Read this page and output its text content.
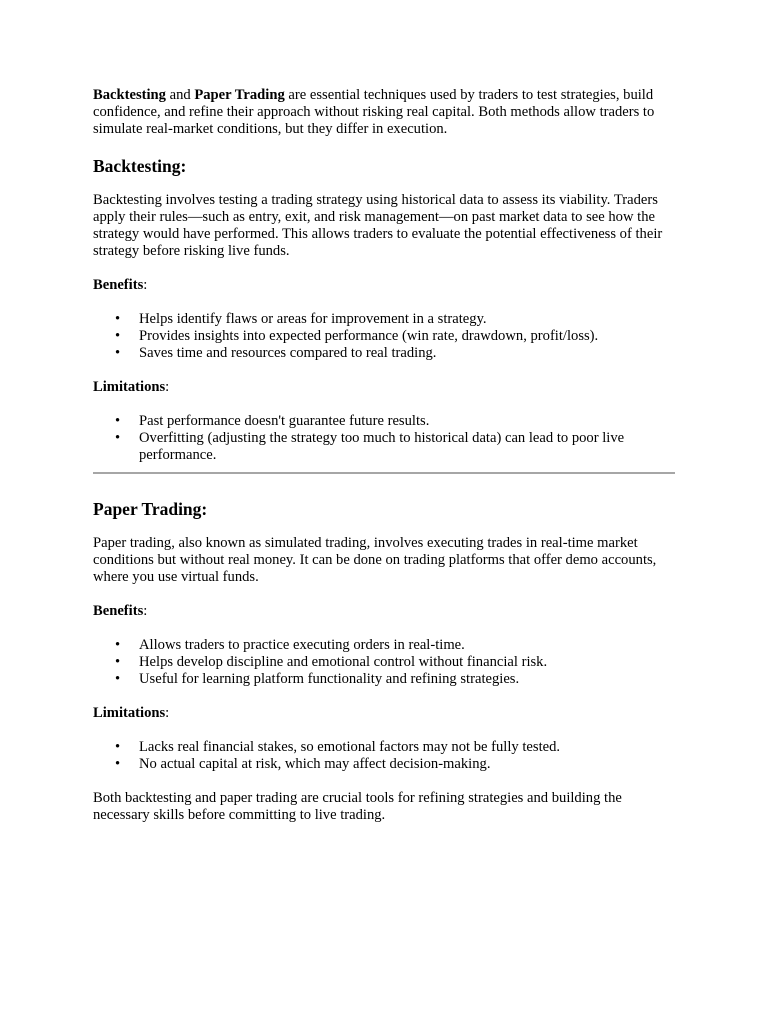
Backtesting and Paper Trading are essential techniques used by traders to test strategies, build confidence, and refine their approach without risking real capital. Both methods allow traders to simulate real-market conditions, but they differ in execution.

Backtesting:

Backtesting involves testing a trading strategy using historical data to assess its viability. Traders apply their rules—such as entry, exit, and risk management—on past market data to see how the strategy would have performed. This allows traders to evaluate the potential effectiveness of their strategy before risking live funds.

Benefits:

• Helps identify flaws or areas for improvement in a strategy.
• Provides insights into expected performance (win rate, drawdown, profit/loss).
• Saves time and resources compared to real trading.

Limitations:

• Past performance doesn't guarantee future results.
• Overfitting (adjusting the strategy too much to historical data) can lead to poor live performance.
Paper Trading:

Paper trading, also known as simulated trading, involves executing trades in real-time market conditions but without real money. It can be done on trading platforms that offer demo accounts, where you use virtual funds.

Benefits:

• Allows traders to practice executing orders in real-time.
• Helps develop discipline and emotional control without financial risk.
• Useful for learning platform functionality and refining strategies.

Limitations:

• Lacks real financial stakes, so emotional factors may not be fully tested.
• No actual capital at risk, which may affect decision-making.

Both backtesting and paper trading are crucial tools for refining strategies and building the necessary skills before committing to live trading.
